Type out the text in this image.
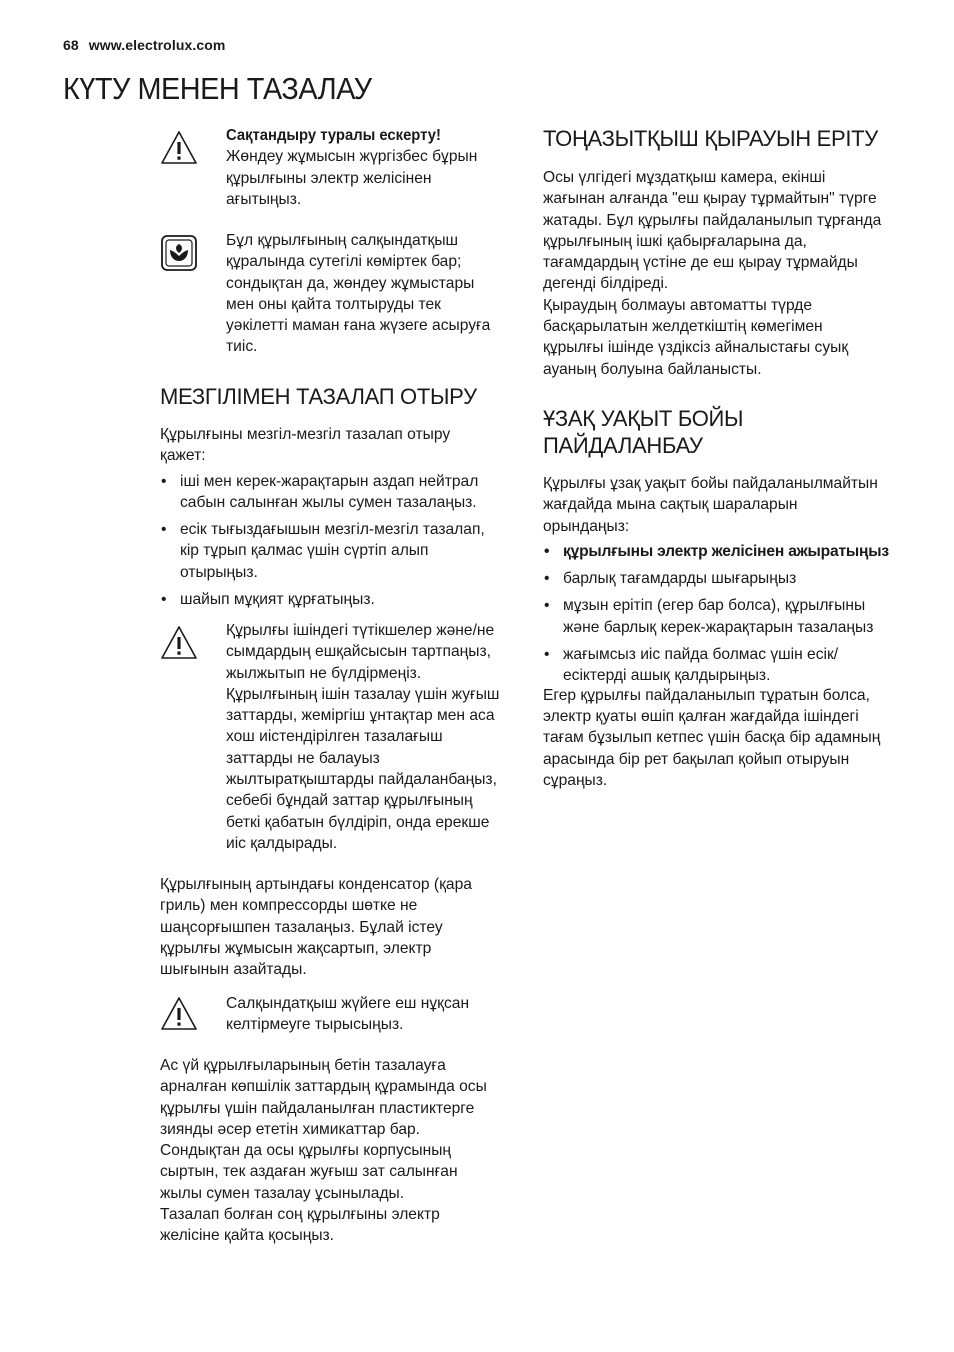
68 www.electrolux.com
КҮТУ МЕНЕН ТАЗАЛАУ

Сақтандыру туралы ескерту!

Жөндеу жұмысын жүргізбес бұрын
құрылғыны электр желісінен
ағытыңыз.

Бұл құрылғының салқындатқыш
құралында сутегілі көміртек бар;
сондықтан да, жөндеу жұмыстары
мен оны қайта толтыруды тек
уәкілетті маман ғана жүзеге асыруға
тиіс.

МЕЗГІЛІМЕН ТАЗАЛАП ОТЫРУ

Құрылғыны мезгіл-мезгіл тазалап отыру
қажет:

• іші мен керек-жарақтарын аздап нейтрал
сабын салынған жылы сумен тазалаңыз.
• есік тығыздағышын мезгіл-мезгіл тазалап,
кір тұрып қалмас үшін сүртіп алып
отырыңыз.
• шайып мұқият құрғатыңыз.

Құрылғы ішіндегі түтікшелер және/не
сымдардың ешқайсысын тартпаңыз,
жылжытып не бүлдірмеңіз.
Құрылғының ішін тазалау үшін жуғыш
заттарды, жеміргіш ұнтақтар мен аса
хош иістендірілген тазалағыш
заттарды не балауыз
жылтыратқыштарды пайдаланбаңыз,
себебі бұндай заттар құрылғының
беткі қабатын бүлдіріп, онда ерекше
иіс қалдырады.

Құрылғының артындағы конденсатор (қара
гриль) мен компрессорды шөтке не
шаңсорғышпен тазалаңыз. Бұлай істеу
құрылғы жұмысын жақсартып, электр
шығынын азайтады.

Салқындатқыш жүйеге еш нұқсан
келтірмеуге тырысыңыз.

Ас үй құрылғыларының бетін тазалауға
арналған көпшілік заттардың құрамында осы
құрылғы үшін пайдаланылған пластиктерге
зиянды әсер ететін химикаттар бар.
Сондықтан да осы құрылғы корпусының
сыртын, тек аздаған жуғыш зат салынған
жылы сумен тазалау ұсынылады.
Тазалап болған соң құрылғыны электр
желісіне қайта қосыңыз.

ТОҢАЗЫТҚЫШ ҚЫРАУЫН ЕРІТУ

Осы үлгідегі мұздатқыш камера, екінші
жағынан алғанда "еш қырау тұрмайтын" түрге
жатады. Бұл құрылғы пайдаланылып тұрғанда
құрылғының ішкі қабырғаларына да,
тағамдардың үстіне де еш қырау тұрмайды
дегенді білдіреді.
Қыраудың болмауы автоматты түрде
басқарылатын желдеткіштің көмегімен
құрылғы ішінде үздіксіз айналыстағы суық
ауаның болуына байланысты.

ҰЗАҚ УАҚЫТ БОЙЫ
ПАЙДАЛАНБАУ

Құрылғы ұзақ уақыт бойы пайдаланылмайтын
жағдайда мына сақтық шараларын
орындаңыз:

• құрылғыны электр желісінен ажыратыңыз
• барлық тағамдарды шығарыңыз
• мұзын ерітіп (егер бар болса), құрылғыны
және барлық керек-жарақтарын тазалаңыз
• жағымсыз иіс пайда болмас үшін есік/
есіктерді ашық қалдырыңыз.

Егер құрылғы пайдаланылып тұратын болса,
электр қуаты өшіп қалған жағдайда ішіндегі
тағам бұзылып кетпес үшін басқа бір адамның
арасында бір рет бақылап қойып отыруын
сұраңыз.
